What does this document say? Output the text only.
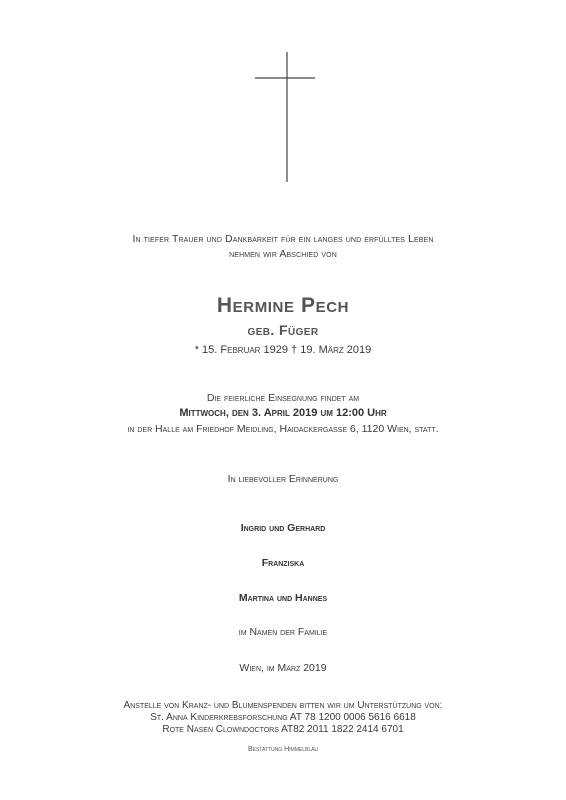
In tiefer Trauer und Dankbarkeit für ein langes und erfülltes Leben
nehmen wir Abschied von
Hermine Pech
geb. Füger
* 15. Februar 1929 † 19. März 2019
Die feierliche Einsegnung findet am
Mittwoch, den 3. April 2019 um 12:00 Uhr
in der Halle am Friedhof Meidling, Haidackergasse 6, 1120 Wien, statt.
In liebevoller Erinnerung
Ingrid und Gerhard
Franziska
Martina und Hannes
im Namen der Familie
Wien, im März 2019
Anstelle von Kranz- und Blumenspenden bitten wir um Unterstützung von:
St. Anna Kinderkrebsforschung AT 78 1200 0006 5616 6618
Rote Nasen Clowndoctors AT82 2011 1822 2414 6701
Bestattung Himmelblau
